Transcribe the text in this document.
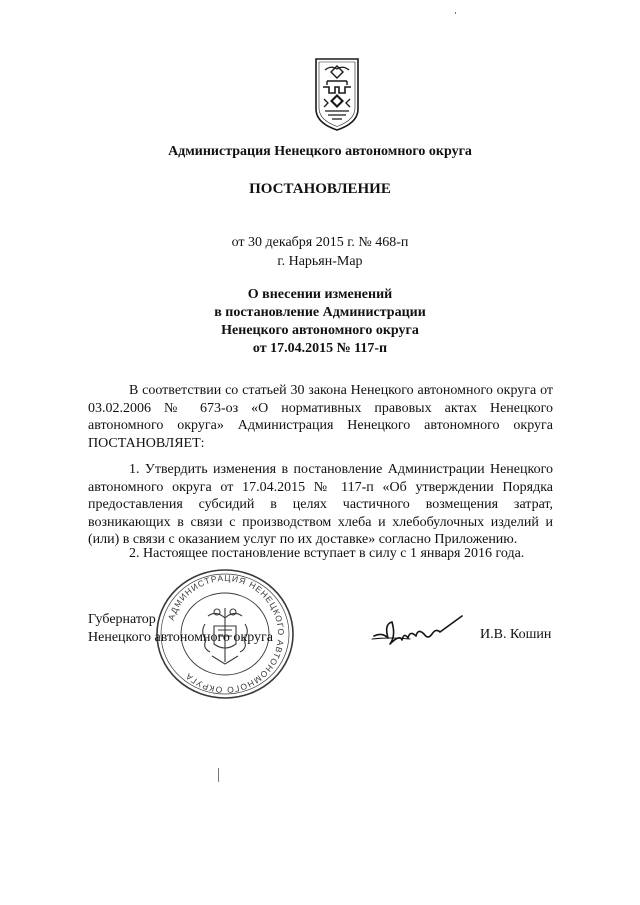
Администрация Ненецкого автономного округа
ПОСТАНОВЛЕНИЕ
от 30 декабря 2015 г. № 468-п
г. Нарьян-Мар
О внесении изменений
в постановление Администрации
Ненецкого автономного округа
от 17.04.2015 № 117-п

В соответствии со статьей 30 закона Ненецкого автономного округа от 03.02.2006 № 673-оз «О нормативных правовых актах Ненецкого автономного округа» Администрация Ненецкого автономного округа ПОСТАНОВЛЯЕТ:

1. Утвердить изменения в постановление Администрации Ненецкого автономного округа от 17.04.2015 № 117-п «Об утверждении Порядка предоставления субсидий в целях частичного возмещения затрат, возникающих в связи с производством хлеба и хлебобулочных изделий и (или) в связи с оказанием услуг по их доставке» согласно Приложению.

2. Настоящее постановление вступает в силу с 1 января 2016 года.

АДМИНИСТРАЦИЯ НЕНЕЦКОГО АВТОНОМНОГО ОКРУГА
Губернатор
Ненецкого автономного округа	И.В. Кошин
